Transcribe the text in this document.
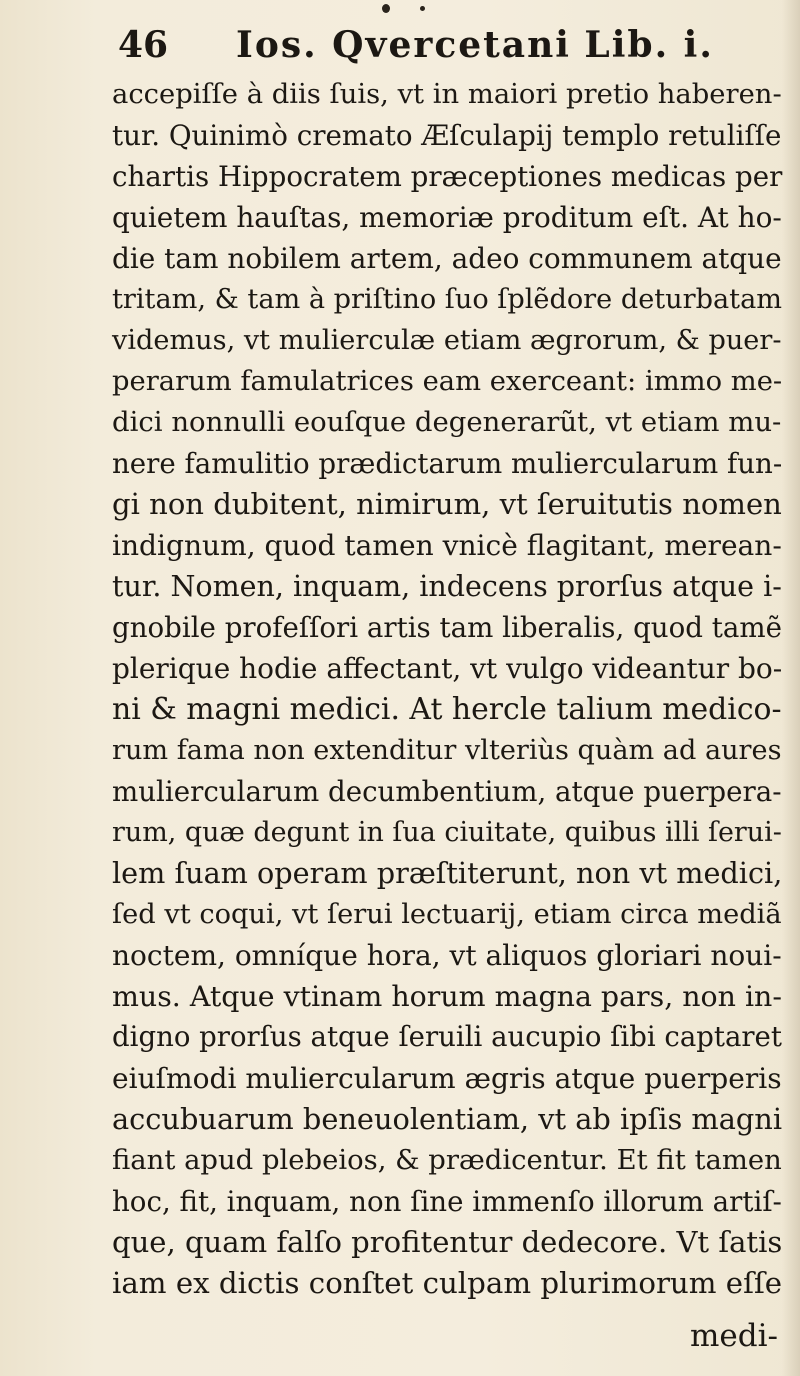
46 Ios. Qvercetani Lib. i.
accepiſſe à diis ſuis, vt in maiori pretio haberen-
tur. Quinimò cremato Æſculapij templo retuliſſe
chartis Hippocratem præceptiones medicas per
quietem hauſtas, memoriæ proditum eſt. At ho-
die tam nobilem artem, adeo communem atque
tritam, & tam à priſtino ſuo ſplẽdore deturbatam
videmus, vt mulierculæ etiam ægrorum, & puer-
perarum famulatrices eam exerceant: immo me-
dici nonnulli eouſque degenerarũt, vt etiam mu-
nere famulitio prædictarum muliercularum fun-
gi non dubitent, nimirum, vt ſeruitutis nomen
indignum, quod tamen vnicè flagitant, merean-
tur. Nomen, inquam, indecens prorſus atque i-
gnobile profeſſori artis tam liberalis, quod tamẽ
plerique hodie affectant, vt vulgo videantur bo-
ni & magni medici. At hercle talium medico-
rum fama non extenditur vlteriùs quàm ad aures
muliercularum decumbentium, atque puerpera-
rum, quæ degunt in ſua ciuitate, quibus illi ſerui-
lem ſuam operam præſtiterunt, non vt medici,
ſed vt coqui, vt ſerui lectuarij, etiam circa mediã
noctem, omníque hora, vt aliquos gloriari noui-
mus. Atque vtinam horum magna pars, non in-
digno prorſus atque ſeruili aucupio ſibi captaret
eiuſmodi muliercularum ægris atque puerperis
accubuarum beneuolentiam, vt ab ipſis magni
fiant apud plebeios, & prædicentur. Et fit tamen
hoc, fit, inquam, non ſine immenſo illorum artiſ-
que, quam falſo profitentur dedecore. Vt ſatis
iam ex dictis conſtet culpam plurimorum eſſe
medi-
